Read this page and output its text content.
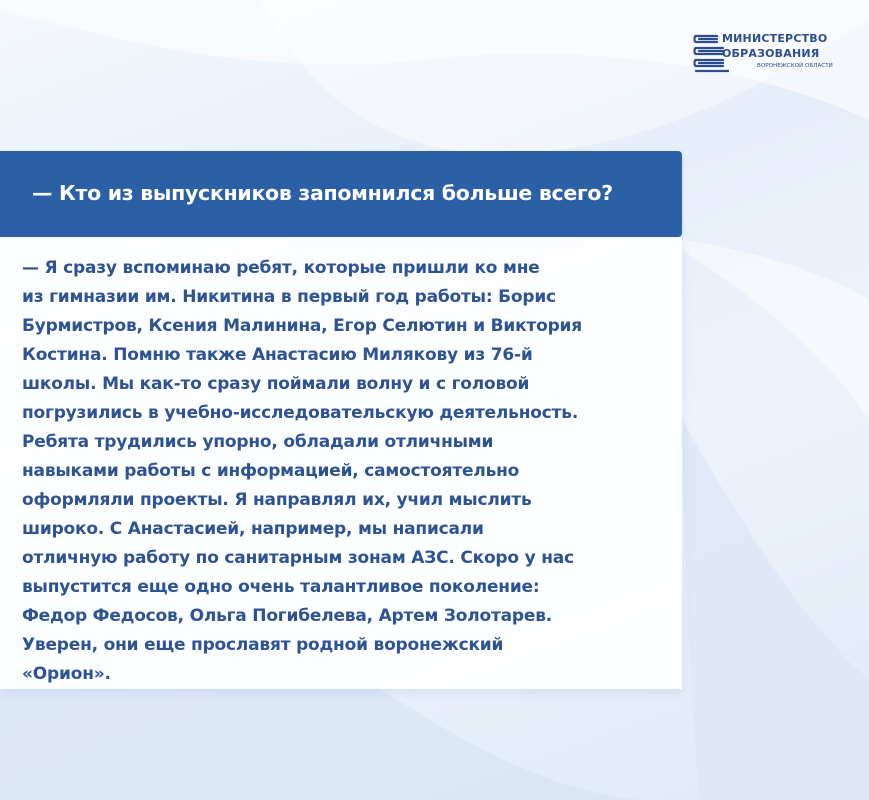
МИНИСТЕРСТВО
ОБРАЗОВАНИЯ
ВОРОНЕЖСКОЙ ОБЛАСТИ
— Кто из выпускников запомнился больше всего?

— Я сразу вспоминаю ребят, которые пришли ко мне
из гимназии им. Никитина в первый год работы: Борис
Бурмистров, Ксения Малинина, Егор Селютин и Виктория
Костина. Помню также Анастасию Милякову из 76-й
школы. Мы как-то сразу поймали волну и с головой
погрузились в учебно-исследовательскую деятельность.
Ребята трудились упорно, обладали отличными
навыками работы с информацией, самостоятельно
оформляли проекты. Я направлял их, учил мыслить
широко. С Анастасией, например, мы написали
отличную работу по санитарным зонам АЗС. Скоро у нас
выпустится еще одно очень талантливое поколение:
Федор Федосов, Ольга Погибелева, Артем Золотарев.
Уверен, они еще прославят родной воронежский
«Орион».
